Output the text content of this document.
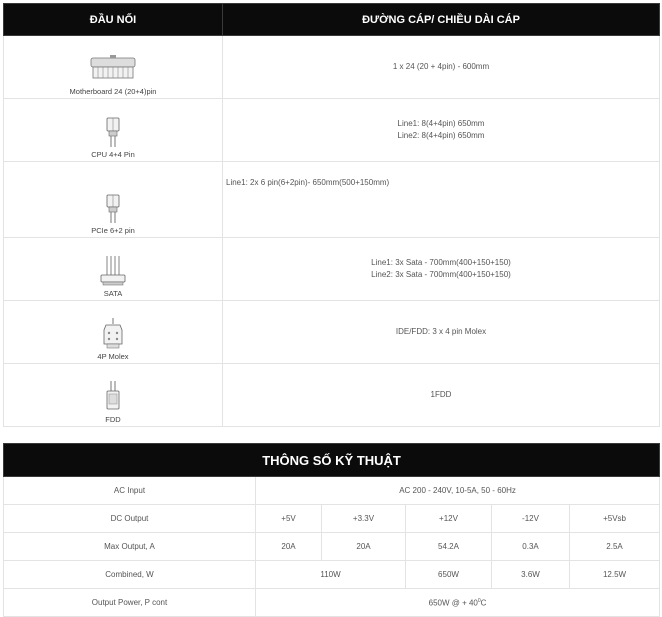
ĐẦU NỐI	ĐƯỜNG CÁP/ CHIỀU DÀI CÁP

Motherboard 24 (20+4)pin	1 x 24 (20 + 4pin) - 600mm

CPU 4+4 Pin	Line1: 8(4+4pin) 650mm
Line2: 8(4+4pin) 650mm

PCIe 6+2 pin	Line1: 2x 6 pin(6+2pin)- 650mm(500+150mm)

SATA	Line1: 3x Sata - 700mm(400+150+150)
Line2: 3x Sata - 700mm(400+150+150)

4P Molex	IDE/FDD: 3 x 4 pin Molex

FDD	1FDD
THÔNG SỐ KỸ THUẬT					
AC Input	AC 200 - 240V, 10-5A, 50 - 60Hz				
DC Output	+5V	+3.3V	+12V	-12V	+5Vsb
Max Output, A	20A	20A	54.2A	0.3A	2.5A
Combined, W	110W		650W	3.6W	12.5W
Output Power, P cont	650W @ + $40^0C$				
